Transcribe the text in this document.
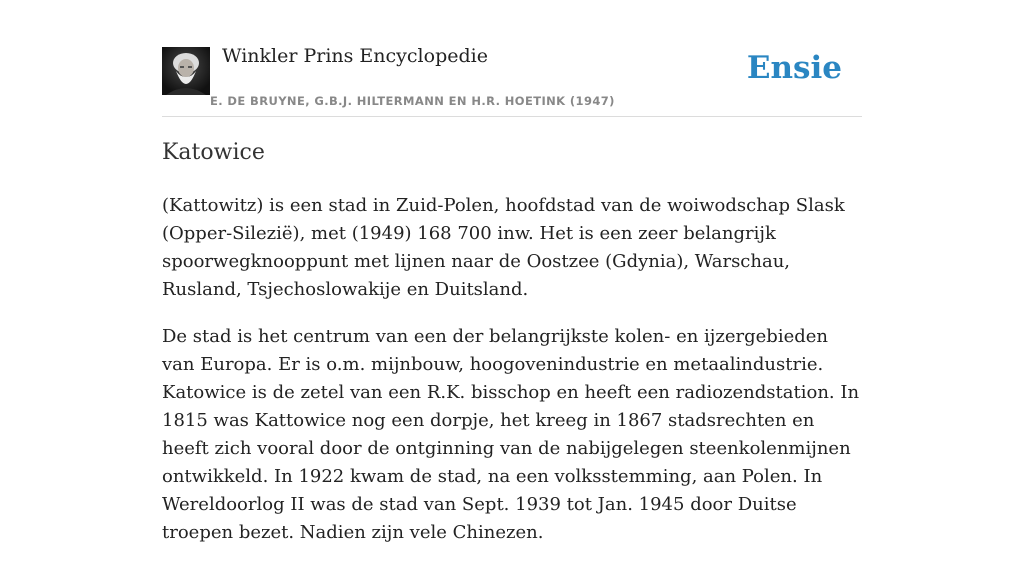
Winkler Prins Encyclopedie
E. DE BRUYNE, G.B.J. HILTERMANN EN H.R. HOETINK (1947)
Ensie
Katowice

(Kattowitz) is een stad in Zuid-Polen, hoofdstad van de woiwodschap Slask (Opper-Silezië), met (1949) 168 700 inw. Het is een zeer belangrijk spoorwegknooppunt met lijnen naar de Oostzee (Gdynia), Warschau, Rusland, Tsjechoslowakije en Duitsland.

De stad is het centrum van een der belangrijkste kolen- en ijzergebieden van Europa. Er is o.m. mijnbouw, hoogovenindustrie en metaalindustrie. Katowice is de zetel van een R.K. bisschop en heeft een radiozendstation. In 1815 was Kattowice nog een dorpje, het kreeg in 1867 stadsrechten en heeft zich vooral door de ontginning van de nabijgelegen steenkolenmijnen ontwikkeld. In 1922 kwam de stad, na een volksstemming, aan Polen. In Wereldoorlog II was de stad van Sept. 1939 tot Jan. 1945 door Duitse troepen bezet. Nadien zijn vele Chinezen.
